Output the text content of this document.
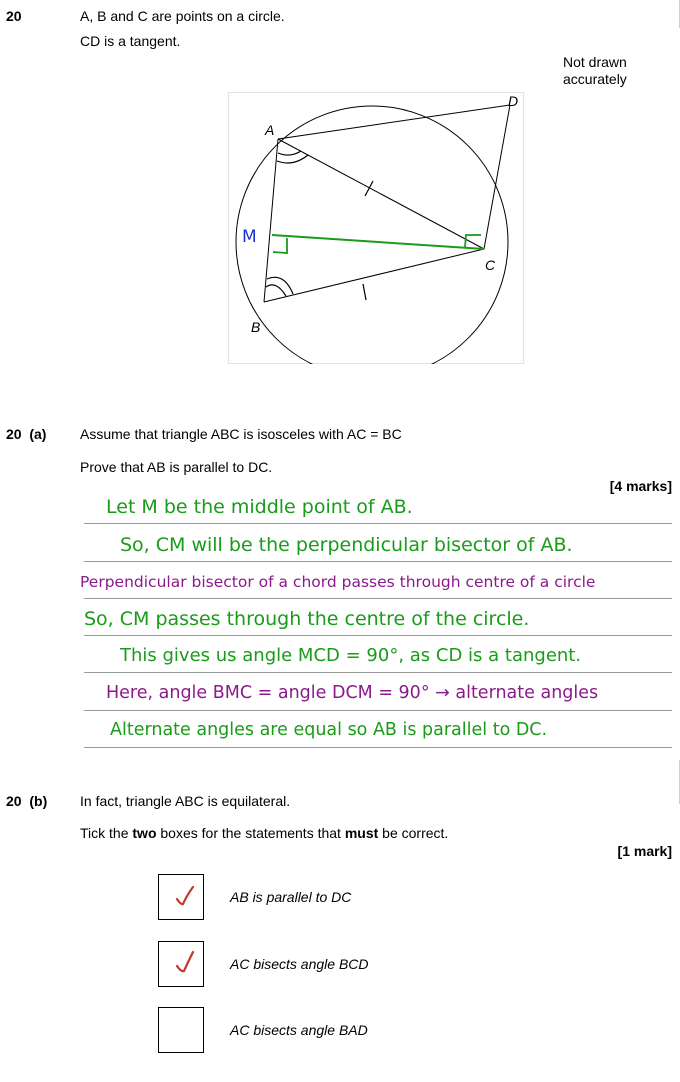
20	A, B and C are points on a circle.
CD is a tangent.
Not drawn
accurately
A
B
C
D
M
20 (a) Assume that triangle ABC is isosceles with AC = BC
Prove that AB is parallel to DC.
[4 marks]
Let M be the middle point of AB.
So, CM will be the perpendicular bisector of AB.
Perpendicular bisector of a chord passes through centre of a circle
So, CM passes through the centre of the circle.
This gives us angle MCD = 90°, as CD is a tangent.
Here, angle BMC = angle DCM = 90° → alternate angles
Alternate angles are equal so AB is parallel to DC.
20 (b) In fact, triangle ABC is equilateral.
Tick the two boxes for the statements that must be correct.
[1 mark]
AB is parallel to DC
AC bisects angle BCD
AC bisects angle BAD
